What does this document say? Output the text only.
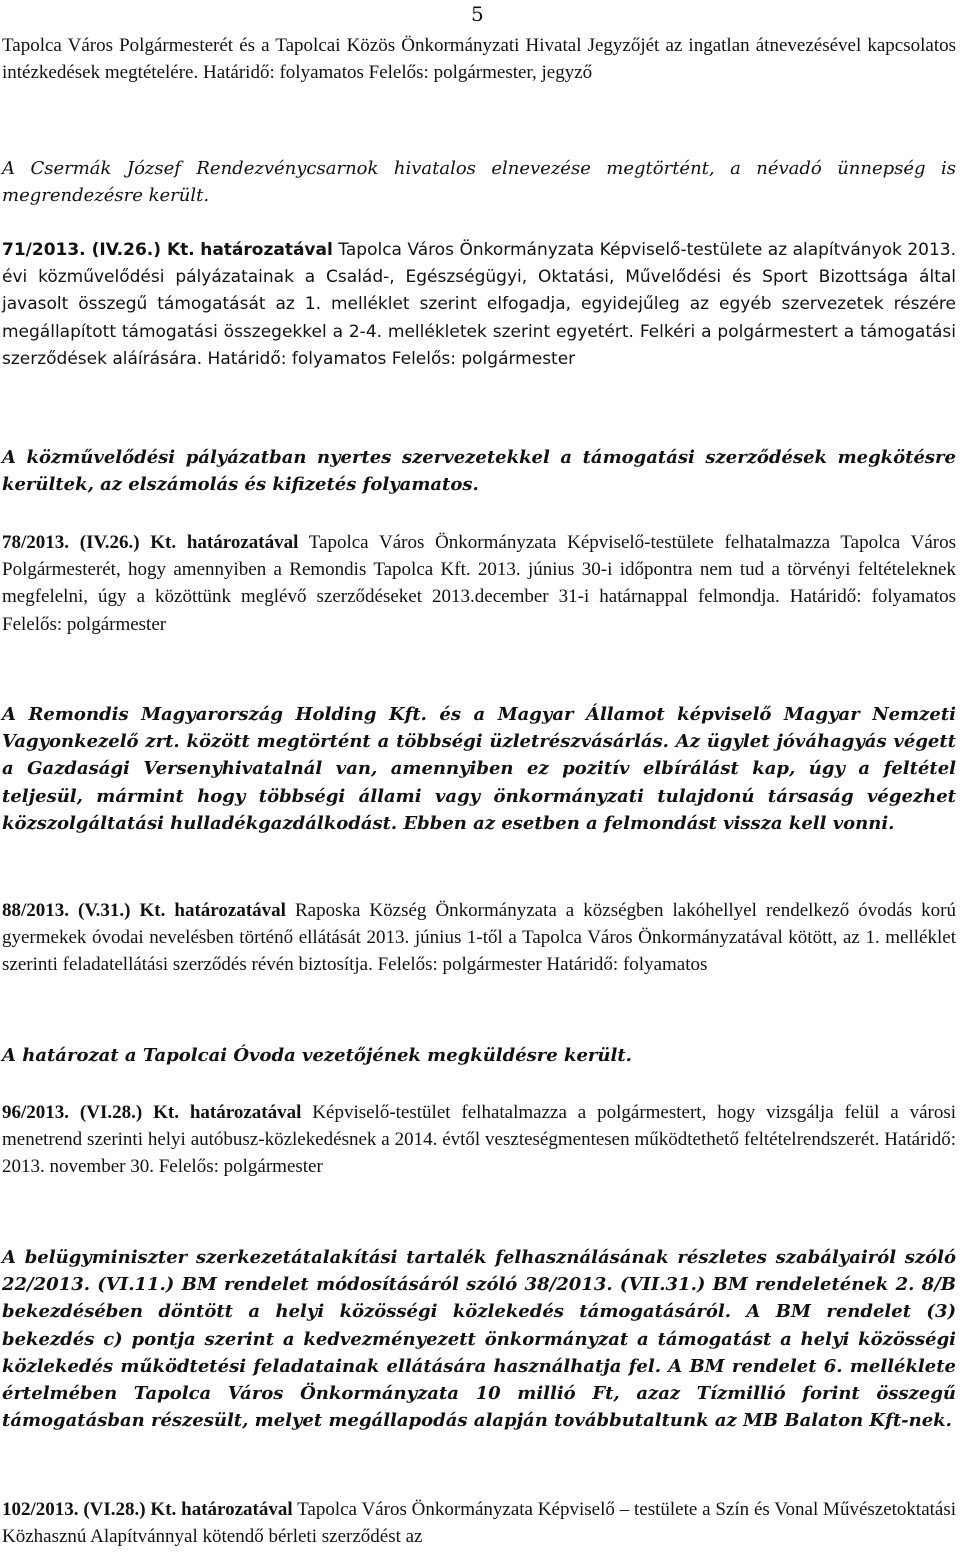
5

Tapolca Város Polgármesterét és a Tapolcai Közös Önkormányzati Hivatal Jegyzőjét az ingatlan átnevezésével kapcsolatos intézkedések megtételére. Határidő: folyamatos Felelős: polgármester, jegyző

A Csermák József Rendezvénycsarnok hivatalos elnevezése megtörtént, a névadó ünnepség is megrendezésre került.

71/2013. (IV.26.) Kt. határozatával Tapolca Város Önkormányzata Képviselő-testülete az alapítványok 2013. évi közművelődési pályázatainak a Család-, Egészségügyi, Oktatási, Művelődési és Sport Bizottsága által javasolt összegű támogatását az 1. melléklet szerint elfogadja, egyidejűleg az egyéb szervezetek részére megállapított támogatási összegekkel a 2-4. mellékletek szerint egyetért. Felkéri a polgármestert a támogatási szerződések aláírására. Határidő: folyamatos Felelős: polgármester

A közművelődési pályázatban nyertes szervezetekkel a támogatási szerződések megkötésre kerültek, az elszámolás és kifizetés folyamatos.

78/2013. (IV.26.) Kt. határozatával Tapolca Város Önkormányzata Képviselő-testülete felhatalmazza Tapolca Város Polgármesterét, hogy amennyiben a Remondis Tapolca Kft. 2013. június 30-i időpontra nem tud a törvényi feltételeknek megfelelni, úgy a közöttünk meglévő szerződéseket 2013.december 31-i határnappal felmondja. Határidő: folyamatos Felelős: polgármester

A Remondis Magyarország Holding Kft. és a Magyar Államot képviselő Magyar Nemzeti Vagyonkezelő zrt. között megtörtént a többségi üzletrészvásárlás. Az ügylet jóváhagyás végett a Gazdasági Versenyhivatalnál van, amennyiben ez pozitív elbírálást kap, úgy a feltétel teljesül, mármint hogy többségi állami vagy önkormányzati tulajdonú társaság végezhet közszolgáltatási hulladékgazdálkodást. Ebben az esetben a felmondást vissza kell vonni.

88/2013. (V.31.) Kt. határozatával Raposka Község Önkormányzata a községben lakóhellyel rendelkező óvodás korú gyermekek óvodai nevelésben történő ellátását 2013. június 1-től a Tapolca Város Önkormányzatával kötött, az 1. melléklet szerinti feladatellátási szerződés révén biztosítja. Felelős: polgármester Határidő: folyamatos

A határozat a Tapolcai Óvoda vezetőjének megküldésre került.

96/2013. (VI.28.) Kt. határozatával Képviselő-testület felhatalmazza a polgármestert, hogy vizsgálja felül a városi menetrend szerinti helyi autóbusz-közlekedésnek a 2014. évtől veszteségmentesen működtethető feltételrendszerét. Határidő: 2013. november 30. Felelős: polgármester

A belügyminiszter szerkezetátalakítási tartalék felhasználásának részletes szabályairól szóló 22/2013. (VI.11.) BM rendelet módosításáról szóló 38/2013. (VII.31.) BM rendeletének 2. 8/B bekezdésében döntött a helyi közösségi közlekedés támogatásáról. A BM rendelet (3) bekezdés c) pontja szerint a kedvezményezett önkormányzat a támogatást a helyi közösségi közlekedés működtetési feladatainak ellátására használhatja fel. A BM rendelet 6. melléklete értelmében Tapolca Város Önkormányzata 10 millió Ft, azaz Tízmillió forint összegű támogatásban részesült, melyet megállapodás alapján továbbutaltunk az MB Balaton Kft-nek.

102/2013. (VI.28.) Kt. határozatával Tapolca Város Önkormányzata Képviselő – testülete a Szín és Vonal Művészetoktatási Közhasznú Alapítvánnyal kötendő bérleti szerződést az
